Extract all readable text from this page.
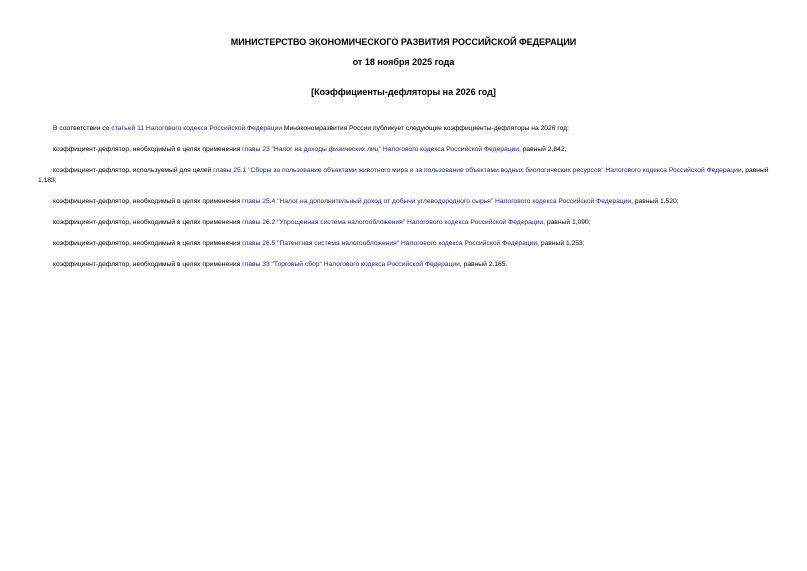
МИНИСТЕРСТВО ЭКОНОМИЧЕСКОГО РАЗВИТИЯ РОССИЙСКОЙ ФЕДЕРАЦИИ
от 18 ноября 2025 года
[Коэффициенты-дефляторы на 2026 год]
В соответствии со статьей 11 Налогового кодекса Российской Федерации Минэкономразвития России публикует следующие коэффициенты-дефляторы на 2026 год:
коэффициент-дефлятор, необходимый в целях применения главы 23 "Налог на доходы физических лиц" Налогового кодекса Российской Федерации, равный 2,842;
коэффициент-дефлятор, используемый для целей главы 25.1 "Сборы за пользование объектами животного мира и за пользование объектами водных биологических ресурсов" Налогового кодекса Российской Федерации, равный 1,183;
коэффициент-дефлятор, необходимый в целях применения главы 25.4 "Налог на дополнительный доход от добычи углеводородного сырья" Налогового кодекса Российской Федерации, равный 1,520;
коэффициент-дефлятор, необходимый в целях применения главы 26.2 "Упрощенная система налогообложения" Налогового кодекса Российской Федерации, равный 1,090;
коэффициент-дефлятор, необходимый в целях применения главы 26.5 "Патентная система налогообложения" Налогового кодекса Российской Федерации, равный 1,253;
коэффициент-дефлятор, необходимый в целях применения главы 33 "Торговый сбор" Налогового кодекса Российской Федерации, равный 2,165.
